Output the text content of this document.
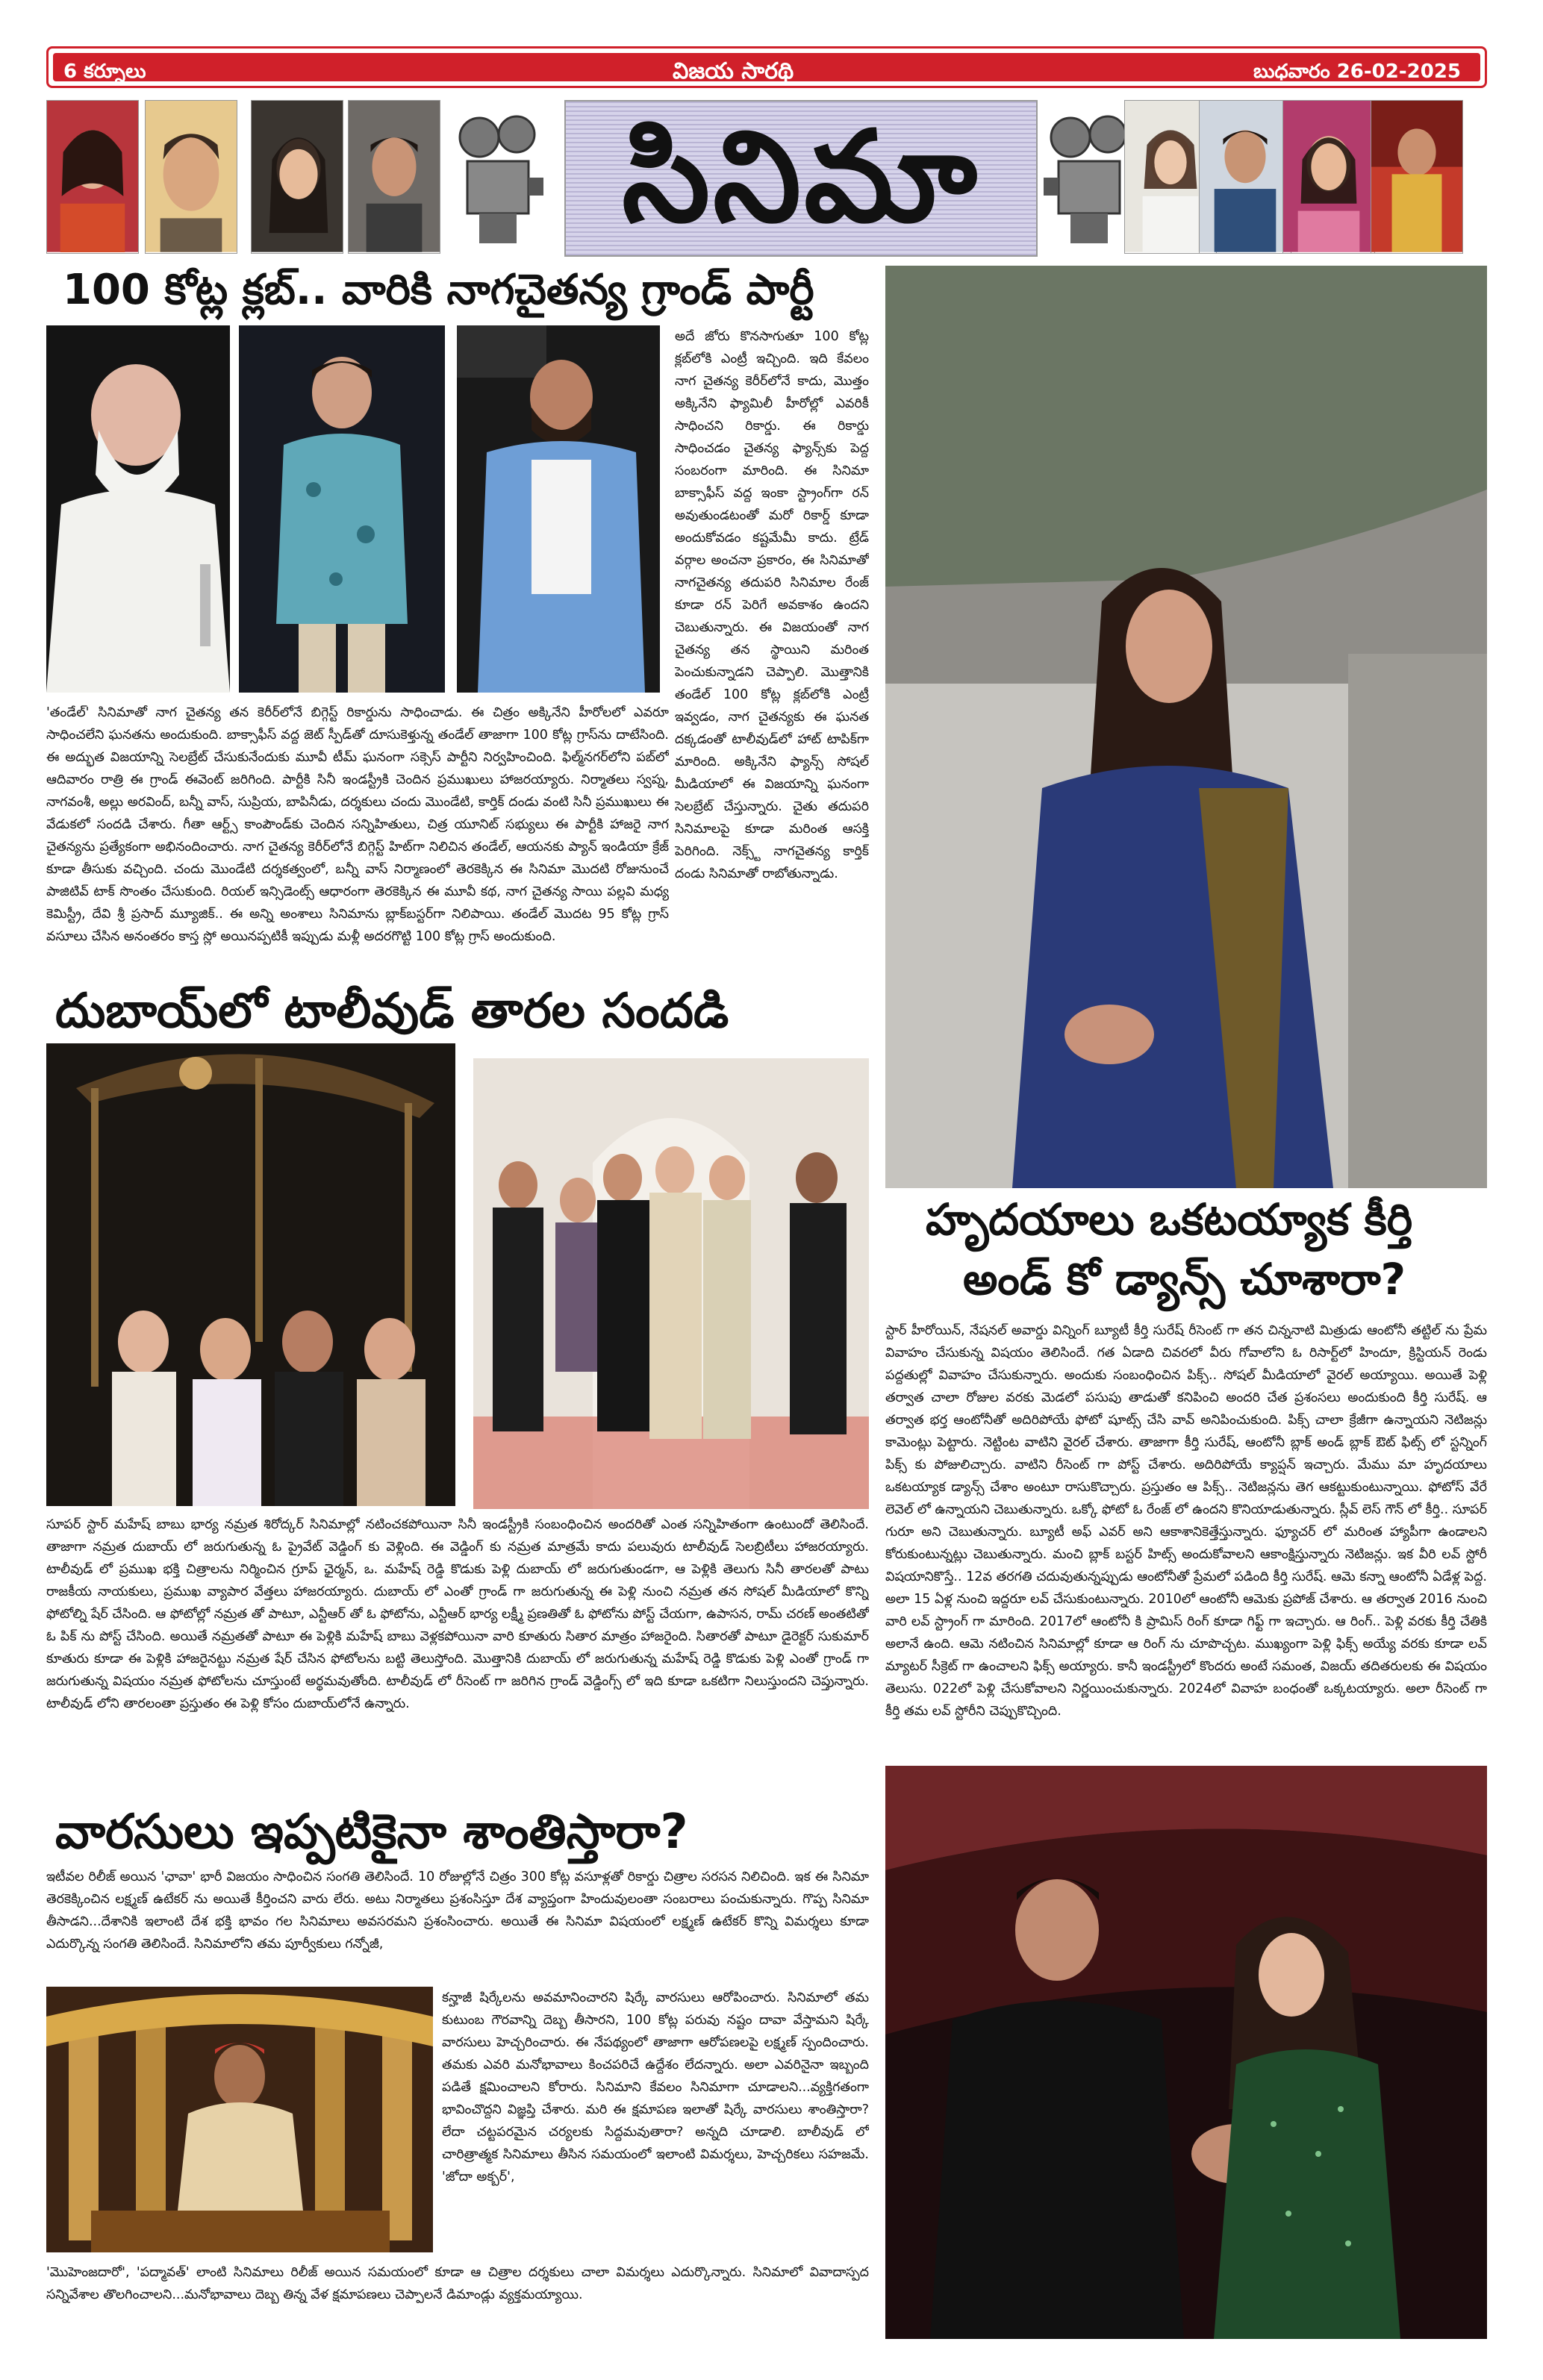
6 కర్నూలు	విజయ సారథి	బుధవారం 26-02-2025
సినిమా
100 కోట్ల క్లబ్.. వారికి నాగచైతన్య గ్రాండ్ పార్టీ
అదే జోరు కొనసాగుతూ 100 కోట్ల క్లబ్‌లోకి ఎంట్రీ ఇచ్చింది. ఇది కేవలం నాగ చైతన్య కెరీర్‌లోనే కాదు, మొత్తం అక్కినేని ఫ్యామిలీ హీరోల్లో ఎవరికీ సాధించని రికార్డు. ఈ రికార్డు సాధించడం చైతన్య ఫ్యాన్స్‌కు పెద్ద సంబరంగా మారింది. ఈ సినిమా బాక్సాఫీస్ వద్ద ఇంకా స్ట్రాంగ్‌గా రన్ అవుతుండటంతో మరో రికార్డ్ కూడా అందుకోవడం కష్టమేమీ కాదు. ట్రేడ్ వర్గాల అంచనా ప్రకారం, ఈ సినిమాతో నాగచైతన్య తదుపరి సినిమాల రేంజ్ కూడా రన్ పెరిగే అవకాశం ఉందని చెబుతున్నారు. ఈ విజయంతో నాగ చైతన్య తన స్థాయిని మరింత పెంచుకున్నాడని చెప్పాలి. మొత్తానికి తండేల్ 100 కోట్ల క్లబ్‌లోకి ఎంట్రీ ఇవ్వడం, నాగ చైతన్యకు ఈ ఘనత దక్కడంతో టాలీవుడ్‌లో హాట్ టాపిక్‌గా మారింది. అక్కినేని ఫ్యాన్స్ సోషల్ మీడియాలో ఈ విజయాన్ని ఘనంగా సెలబ్రేట్ చేస్తున్నారు. చైతు తదుపరి సినిమాలపై కూడా మరింత ఆసక్తి పెరిగింది. నెక్స్ట్ నాగచైతన్య కార్తిక్ దండు సినిమాతో రాబోతున్నాడు.
'తండేల్' సినిమాతో నాగ చైతన్య తన కెరీర్‌లోనే బిగ్గెస్ట్ రికార్డును సాధించాడు. ఈ చిత్రం అక్కినేని హీరోలలో ఎవరూ సాధించలేని ఘనతను అందుకుంది. బాక్సాఫీస్ వద్ద జెట్ స్పీడ్‌తో దూసుకెళ్తున్న తండేల్ తాజాగా 100 కోట్ల గ్రాస్‌ను దాటేసింది. ఈ అద్భుత విజయాన్ని సెలబ్రేట్ చేసుకునేందుకు మూవీ టీమ్ ఘనంగా సక్సెస్ పార్టీని నిర్వహించింది. ఫిల్మ్‌నగర్‌లోని పబ్‌లో ఆదివారం రాత్రి ఈ గ్రాండ్ ఈవెంట్ జరిగింది. పార్టీకి సినీ ఇండస్ట్రీకి చెందిన ప్రముఖులు హాజరయ్యారు. నిర్మాతలు స్వప్న, నాగవంశీ, అల్లు అరవింద్, బన్నీ వాస్, సుప్రియ, బాపినీడు, దర్శకులు చందు మొండేటి, కార్తిక్ దండు వంటి సినీ ప్రముఖులు ఈ వేడుకలో సందడి చేశారు. గీతా ఆర్ట్స్ కాంపౌండ్‌కు చెందిన సన్నిహితులు, చిత్ర యూనిట్ సభ్యులు ఈ పార్టీకి హాజరై నాగ చైతన్యను ప్రత్యేకంగా అభినందించారు. నాగ చైతన్య కెరీర్‌లోనే బిగ్గెస్ట్ హిట్‌గా నిలిచిన తండేల్, ఆయనకు ప్యాన్ ఇండియా క్రేజ్ కూడా తీసుకు వచ్చింది. చందు మొండేటి దర్శకత్వంలో, బన్నీ వాస్ నిర్మాణంలో తెరకెక్కిన ఈ సినిమా మొదటి రోజునుంచే పాజిటివ్ టాక్ సొంతం చేసుకుంది. రియల్ ఇన్సిడెంట్స్ ఆధారంగా తెరకెక్కిన ఈ మూవీ కథ, నాగ చైతన్య సాయి పల్లవి మధ్య కెమిస్ట్రీ, దేవి శ్రీ ప్రసాద్ మ్యూజిక్.. ఈ అన్ని అంశాలు సినిమాను బ్లాక్‌బస్టర్‌గా నిలిపాయి. తండేల్ మొదట 95 కోట్ల గ్రాస్ వసూలు చేసిన అనంతరం కాస్త స్లో అయినప్పటికీ ఇప్పుడు మళ్లీ అదరగొట్టి 100 కోట్ల గ్రాస్ అందుకుంది.
దుబాయ్‌లో టాలీవుడ్ తారల సందడి
సూపర్ స్టార్ మహేష్ బాబు భార్య నమ్రత శిరోద్కర్ సినిమాల్లో నటించకపోయినా సినీ ఇండస్ట్రీకి సంబంధించిన అందరితో ఎంత సన్నిహితంగా ఉంటుందో తెలిసిందే. తాజాగా నమ్రత దుబాయ్ లో జరుగుతున్న ఓ ప్రైవేట్ వెడ్డింగ్ కు వెళ్లింది. ఈ వెడ్డింగ్ కు నమ్రత మాత్రమే కాదు పలువురు టాలీవుడ్ సెలబ్రిటీలు హాజరయ్యారు. టాలీవుడ్ లో ప్రముఖ భక్తి చిత్రాలను నిర్మించిన గ్రూప్ ఛైర్మన్, ఒ. మహేష్ రెడ్డి కొడుకు పెళ్లి దుబాయ్ లో జరుగుతుండగా, ఆ పెళ్లికి తెలుగు సినీ తారలతో పాటు రాజకీయ నాయకులు, ప్రముఖ వ్యాపార వేత్తలు హాజరయ్యారు. దుబాయ్ లో ఎంతో గ్రాండ్ గా జరుగుతున్న ఈ పెళ్లి నుంచి నమ్రత తన సోషల్ మీడియాలో కొన్ని ఫోటోల్ని షేర్ చేసింది. ఆ ఫోటోల్లో నమ్రత తో పాటూ, ఎన్టీఆర్ తో ఓ ఫోటోను, ఎన్టీఆర్ భార్య లక్ష్మీ ప్రణతితో ఓ ఫోటోను పోస్ట్ చేయగా, ఉపాసన, రామ్ చరణ్ అంతటితో ఓ పిక్ ను పోస్ట్ చేసింది. అయితే నమ్రతతో పాటూ ఈ పెళ్లికి మహేష్ బాబు వెళ్లకపోయినా వారి కూతురు సితార మాత్రం హాజరైంది. సితారతో పాటూ డైరెక్టర్ సుకుమార్ కూతురు కూడా ఈ పెళ్లికి హాజరైనట్టు నమ్రత షేర్ చేసిన ఫోటోలను బట్టి తెలుస్తోంది. మొత్తానికి దుబాయ్ లో జరుగుతున్న మహేష్ రెడ్డి కొడుకు పెళ్లి ఎంతో గ్రాండ్ గా జరుగుతున్న విషయం నమ్రత ఫోటోలను చూస్తుంటే అర్థమవుతోంది. టాలీవుడ్ లో రీసెంట్ గా జరిగిన గ్రాండ్ వెడ్డింగ్స్ లో ఇది కూడా ఒకటిగా నిలుస్తుందని చెప్తున్నారు. టాలీవుడ్ లోని తారలంతా ప్రస్తుతం ఈ పెళ్లి కోసం దుబాయ్‌లోనే ఉన్నారు.
హృదయాలు ఒకటయ్యాక కీర్తి
అండ్ కో డ్యాన్స్ చూశారా?
స్టార్ హీరోయిన్, నేషనల్ అవార్డు విన్నింగ్ బ్యూటీ కీర్తి సురేష్ రీసెంట్ గా తన చిన్ననాటి మిత్రుడు ఆంటోనీ తట్టిల్ ను ప్రేమ వివాహం చేసుకున్న విషయం తెలిసిందే. గత ఏడాది చివరలో వీరు గోవాలోని ఓ రిసార్ట్‌లో హిందూ, క్రిస్టియన్ రెండు పద్దతుల్లో వివాహం చేసుకున్నారు. అందుకు సంబంధించిన పిక్స్.. సోషల్ మీడియాలో వైరల్ అయ్యాయి. అయితే పెళ్లి తర్వాత చాలా రోజుల వరకు మెడలో పసుపు తాడుతో కనిపించి అందరి చేత ప్రశంసలు అందుకుంది కీర్తి సురేష్. ఆ తర్వాత భర్త ఆంటోనీతో అదిరిపోయే ఫోటో షూట్స్ చేసి వావ్ అనిపించుకుంది. పిక్స్ చాలా క్రేజీగా ఉన్నాయని నెటిజన్లు కామెంట్లు పెట్టారు. నెట్టింట వాటిని వైరల్ చేశారు. తాజాగా కీర్తి సురేష్, ఆంటోనీ బ్లాక్ అండ్ బ్లాక్ ఔట్ ఫిట్స్ లో స్టన్నింగ్ పిక్స్ కు పోజులిచ్చారు. వాటిని రీసెంట్ గా పోస్ట్ చేశారు. అదిరిపోయే క్యాప్షన్ ఇచ్చారు. మేము మా హృదయాలు ఒకటయ్యాక డ్యాన్స్ చేశాం అంటూ రాసుకొచ్చారు. ప్రస్తుతం ఆ పిక్స్.. నెటిజన్లను తెగ ఆకట్టుకుంటున్నాయి. ఫోటోస్ వేరే లెవెల్ లో ఉన్నాయని చెబుతున్నారు. ఒక్కో ఫోటో ఓ రేంజ్ లో ఉందని కొనియాడుతున్నారు. స్లీవ్ లెస్ గౌన్ లో కీర్తి.. సూపర్ గురూ అని చెబుతున్నారు. బ్యూటీ అఫ్ ఎవర్ అని ఆకాశానికెత్తేస్తున్నారు. ఫ్యూచర్ లో మరింత హ్యాపీగా ఉండాలని కోరుకుంటున్నట్లు చెబుతున్నారు. మంచి బ్లాక్ బస్టర్ హిట్స్ అందుకోవాలని ఆకాంక్షిస్తున్నారు నెటిజన్లు. ఇక వీరి లవ్ స్టోరీ విషయానికొస్తే.. 12వ తరగతి చదువుతున్నప్పుడు ఆంటోనీతో ప్రేమలో పడింది కీర్తి సురేష్. ఆమె కన్నా ఆంటోనీ ఏడేళ్ల పెద్ద. అలా 15 ఏళ్ల నుంచి ఇద్దరూ లవ్ చేసుకుంటున్నారు. 2010లో ఆంటోనీ ఆమెకు ప్రపోజ్ చేశారు. ఆ తర్వాత 2016 నుంచి వారి లవ్ స్ట్రాంగ్ గా మారింది. 2017లో ఆంటోనీ కి ప్రామిస్ రింగ్ కూడా గిఫ్ట్ గా ఇచ్చారు. ఆ రింగ్.. పెళ్లి వరకు కీర్తి చేతికి అలానే ఉంది. ఆమె నటించిన సినిమాల్లో కూడా ఆ రింగ్ ను చూపొచ్చట. ముఖ్యంగా పెళ్లి ఫిక్స్ అయ్యే వరకు కూడా లవ్ మ్యాటర్ సీక్రెట్ గా ఉంచాలని ఫిక్స్ అయ్యారు. కానీ ఇండస్ట్రీలో కొందరు అంటే సమంత, విజయ్ తదితరులకు ఈ విషయం తెలుసు. 022లో పెళ్లి చేసుకోవాలని నిర్ణయించుకున్నారు. 2024లో వివాహ బంధంతో ఒక్కటయ్యారు. అలా రీసెంట్ గా కీర్తి తమ లవ్ స్టోరీని చెప్పుకొచ్చింది.
వారసులు ఇప్పటికైనా శాంతిస్తారా?
ఇటీవల రిలీజ్ అయిన 'ఛావా' భారీ విజయం సాధించిన సంగతి తెలిసిందే. 10 రోజుల్లోనే చిత్రం 300 కోట్ల వసూళ్లతో రికార్డు చిత్రాల సరసన నిలిచింది. ఇక ఈ సినిమా తెరకెక్కించిన లక్ష్మణ్ ఉటేకర్ ను అయితే కీర్తించని వారు లేరు. అటు నిర్మాతలు ప్రశంసిస్తూ దేశ వ్యాప్తంగా హిందువులంతా సంబరాలు పంచుకున్నారు. గొప్ప సినిమా తీసాడని...దేశానికి ఇలాంటి దేశ భక్తి భావం గల సినిమాలు అవసరమని ప్రశంసించారు. అయితే ఈ సినిమా విషయంలో లక్ష్మణ్ ఉటేకర్ కొన్ని విమర్శలు కూడా ఎదుర్కొన్న సంగతి తెలిసిందే. సినిమాలోని తమ పూర్వీకులు గన్నోజీ,
కన్హాజీ షిర్కేలను అవమానించారని షిర్కే వారసులు ఆరోపించారు. సినిమాలో తమ కుటుంబ గౌరవాన్ని దెబ్బ తీసారని, 100 కోట్ల పరువు నష్టం దావా వేస్తామని షిర్కే వారసులు హెచ్చరించారు. ఈ నేపథ్యంలో తాజాగా ఆరోపణలపై లక్ష్మణ్ స్పందించారు. తమకు ఎవరి మనోభావాలు కించపరిచే ఉద్దేశం లేదన్నారు. అలా ఎవరినైనా ఇబ్బంది పడితే క్షమించాలని కోరారు. సినిమాని కేవలం సినిమాగా చూడాలని...వ్యక్తిగతంగా భావించొద్దని విజ్ఞప్తి చేశారు. మరి ఈ క్షమాపణ ఇలాతో షిర్కే వారసులు శాంతిస్తారా? లేదా చట్టపరమైన చర్యలకు సిద్దమవుతారా? అన్నది చూడాలి. బాలీవుడ్ లో చారిత్రాత్మక సినిమాలు తీసిన సమయంలో ఇలాంటి విమర్శలు, హెచ్చరికలు సహజమే. 'జోదా అక్బర్',
'మొహెంజదారో', 'పద్మావత్' లాంటి సినిమాలు రిలీజ్ అయిన సమయంలో కూడా ఆ చిత్రాల దర్శకులు చాలా విమర్శలు ఎదుర్కొన్నారు. సినిమాలో వివాదాస్పద సన్నివేశాల తొలగించాలని...మనోభావాలు దెబ్బ తిన్న వేళ క్షమాపణలు చెప్పాలనే డిమాండ్లు వ్యక్తమయ్యాయి.
